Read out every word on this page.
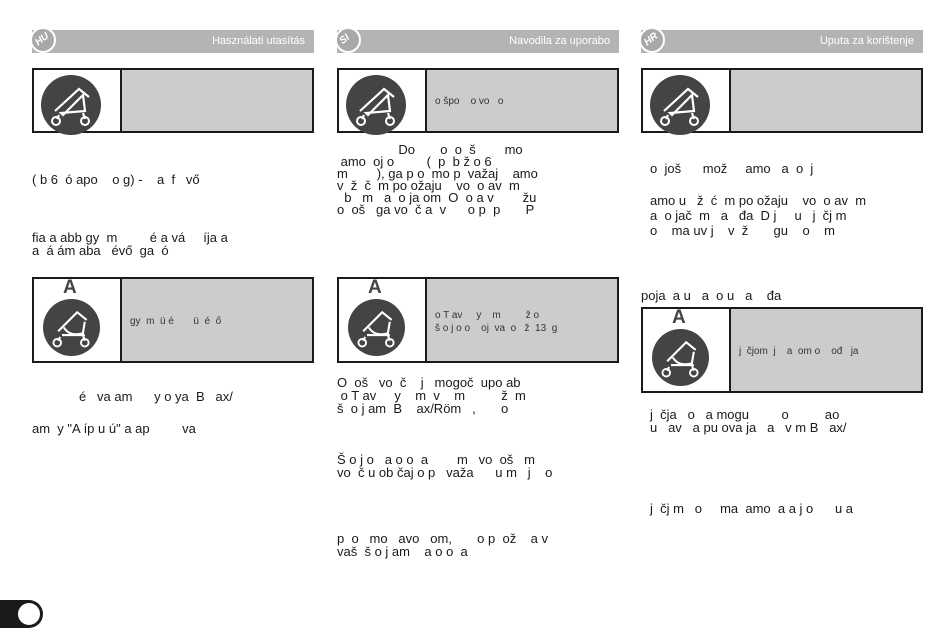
HU	Használati utasítás
( b 6  ó apo    o g) -    a  f   vő
fia a abb gy  m         é a vá     íja a
a  á ám aba   évő  ga  ó
A
gy  m  ü é       ü  é  ő
é   va am      y o ya  B   ax/
am  y "A íp u ú" a ap         va
SI	Navodila za uporabo
o špo    o vo   o
Do       o  o  š        mo
amo  oj o         (  p  b ž o 6
m        ), ga p o  mo p  važaj    amo
v  ž  č  m po ožaju    vo  o av  m
b   m   a  o ja om  O  o a v        žu
o  oš   ga vo  č a  v      o p  p       P
A
o T av     y    m         ž o
š o j o o    oj  va  o   ž  13  g
O  oš   vo  č    j   mogoč  upo ab
o T av     y    m  v    m          ž  m
š  o j am  B    ax/Röm   ,       o
Š o j o   a o o  a        m   vo  oš   m
vo  č u ob čaj o p   važa      u m   j    o
p  o   mo   avo   om,       o p  ož    a v
vaš  š o j am    a o o  a
HR	Uputa za korištenje
o  još      mož     amo   a  o  j
amo u   ž  ć  m po ožaju    vo  o av  m
a  o jač  m   a   đa  D j     u   j  čj m
o    ma uv j    v  ž       gu    o    m
poja  a u   a  o u   a    đa
A
j  čjom  j    a  om o    ođ   ja
j  čja   o   a mogu         o          ao
u   av   a pu ova ja   a   v m B   ax/
j  čj m   o     ma  amo  a a j o      u a
